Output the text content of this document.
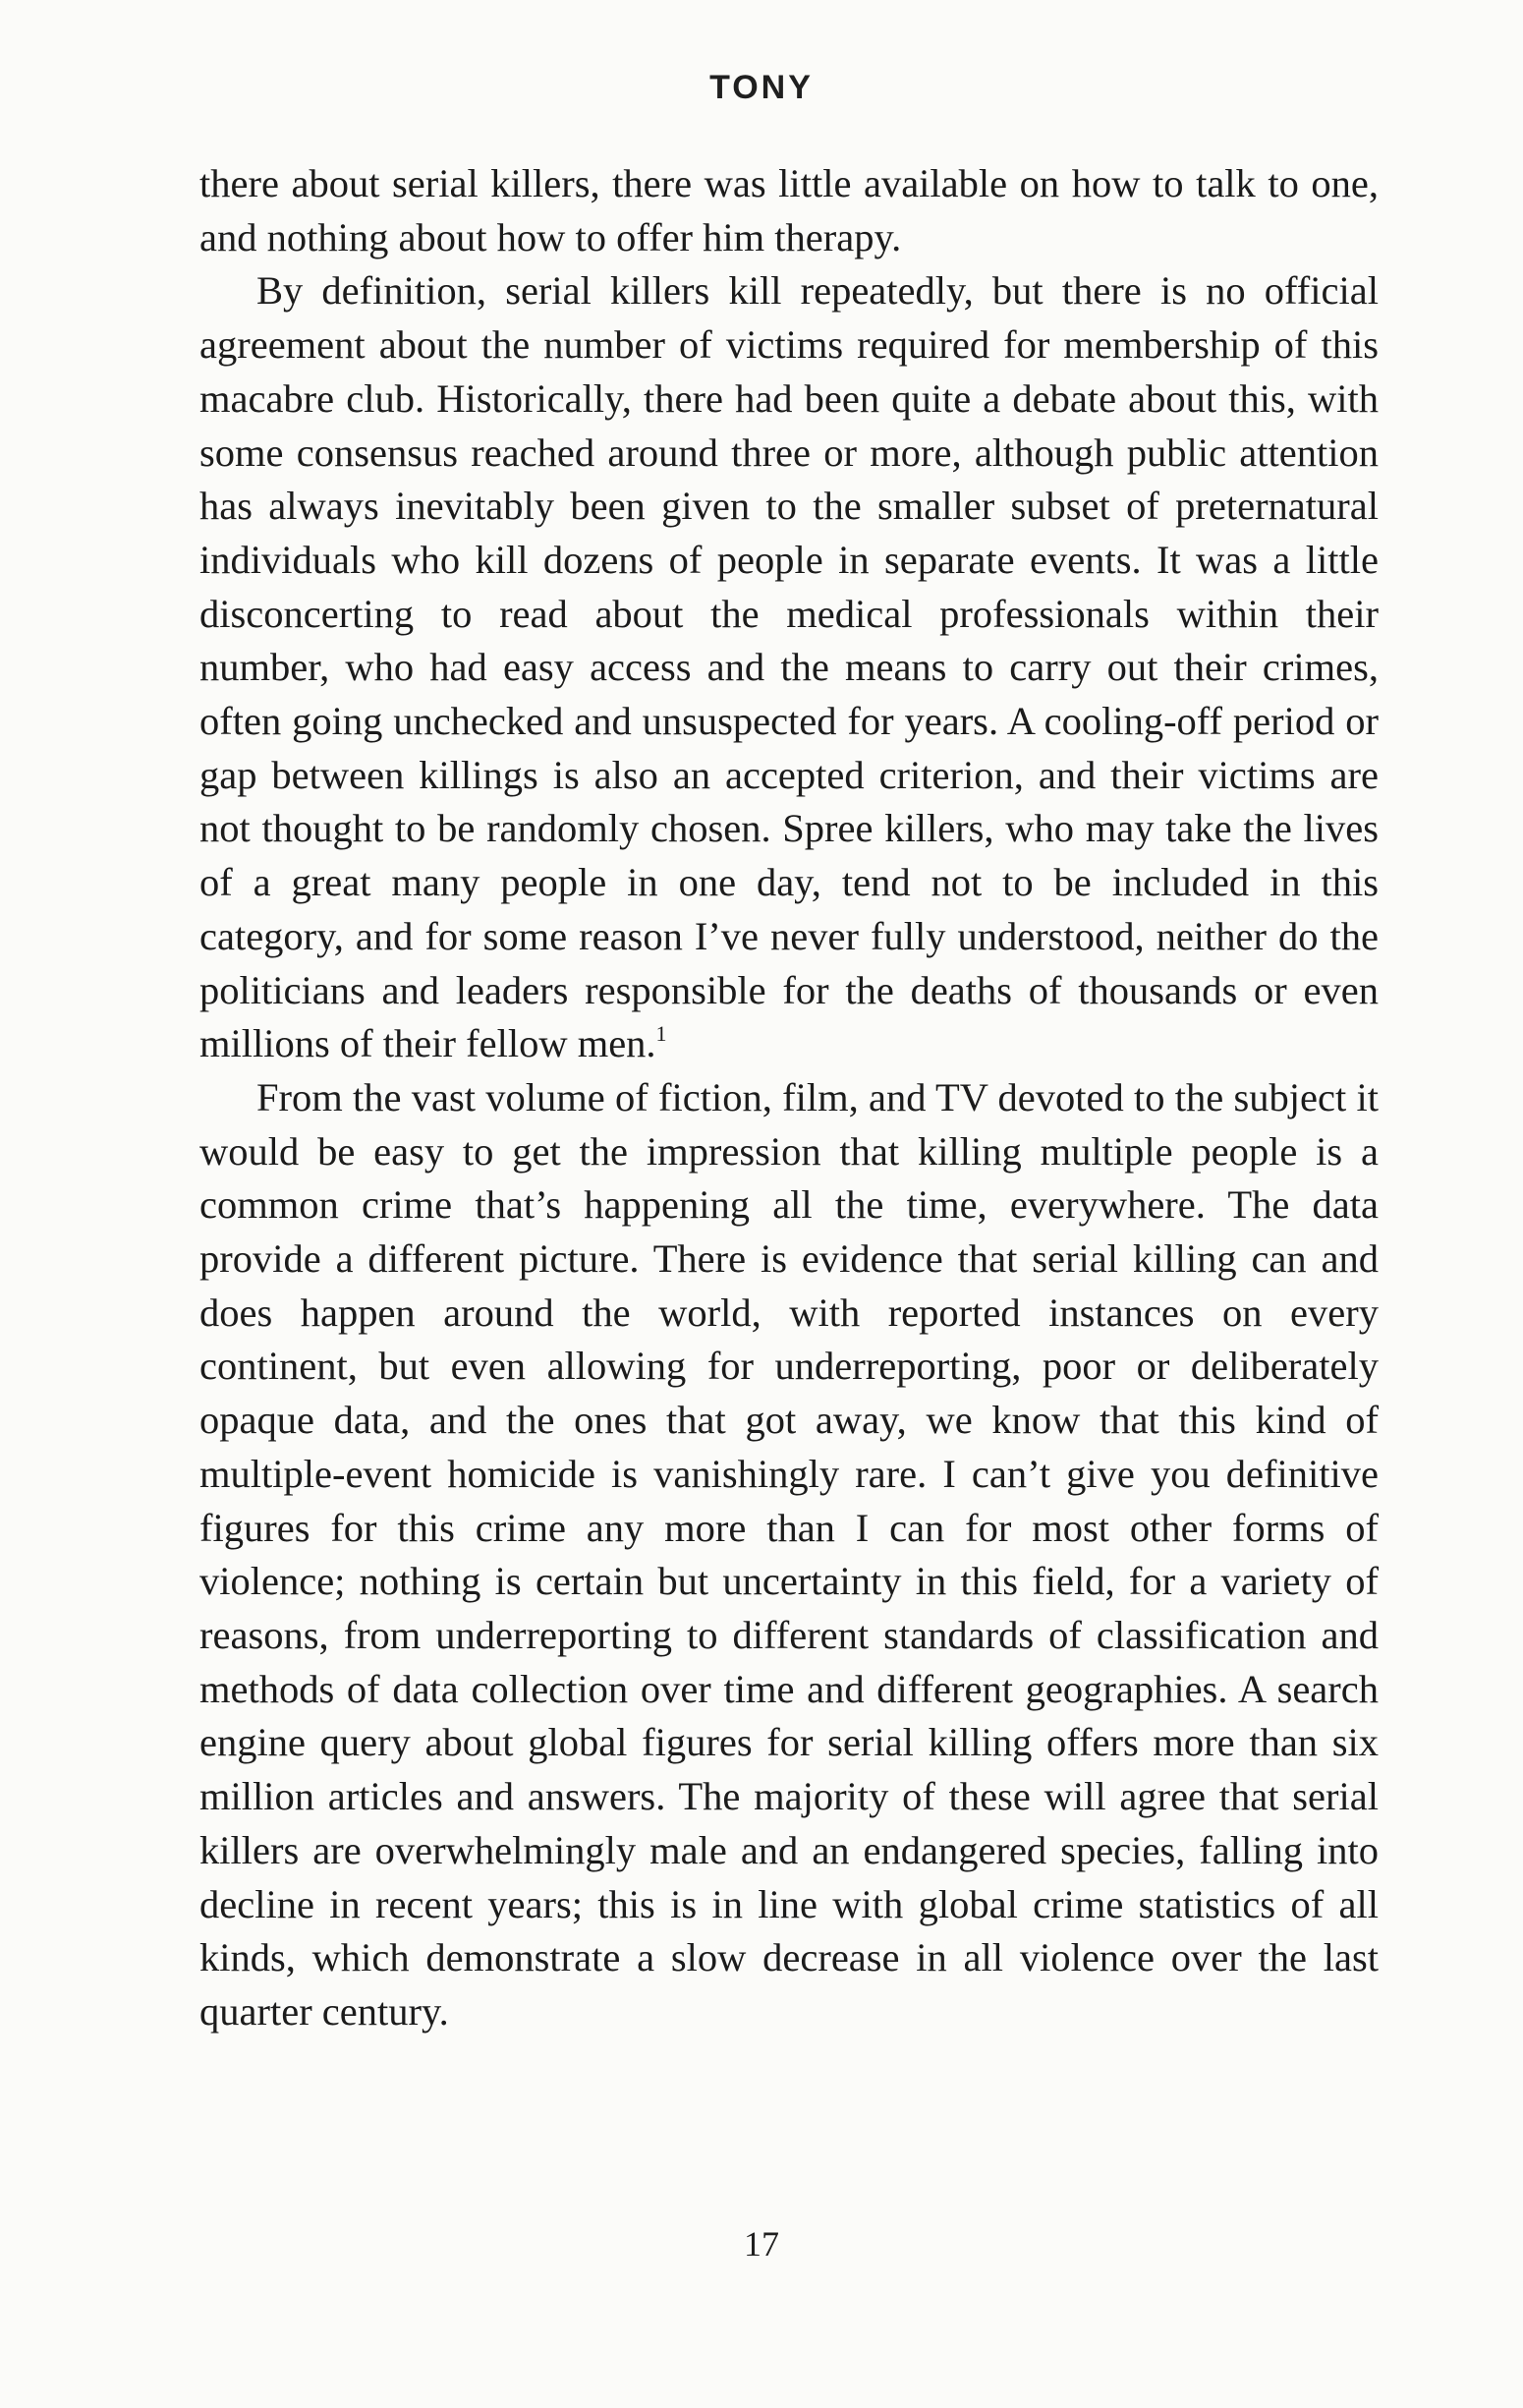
TONY

there about serial killers, there was little available on how to talk to one, and nothing about how to offer him therapy.

By definition, serial killers kill repeatedly, but there is no official agreement about the number of victims required for membership of this macabre club. Historically, there had been quite a debate about this, with some consensus reached around three or more, although public attention has always inevitably been given to the smaller subset of preternatural individuals who kill dozens of people in separate events. It was a little disconcerting to read about the medical professionals within their number, who had easy access and the means to carry out their crimes, often going unchecked and unsuspected for years. A cooling-off period or gap between killings is also an accepted criterion, and their victims are not thought to be randomly chosen. Spree killers, who may take the lives of a great many people in one day, tend not to be included in this category, and for some reason I’ve never fully understood, neither do the politicians and leaders responsible for the deaths of thousands or even millions of their fellow men.$^1$

From the vast volume of fiction, film, and TV devoted to the subject it would be easy to get the impression that killing multiple people is a common crime that’s happening all the time, everywhere. The data provide a different picture. There is evidence that serial killing can and does happen around the world, with reported instances on every continent, but even allowing for underreporting, poor or deliberately opaque data, and the ones that got away, we know that this kind of multiple-event homicide is vanishingly rare. I can’t give you definitive figures for this crime any more than I can for most other forms of violence; nothing is certain but uncertainty in this field, for a variety of reasons, from underreporting to different standards of classification and methods of data collection over time and different geographies. A search engine query about global figures for serial killing offers more than six million articles and answers. The majority of these will agree that serial killers are overwhelmingly male and an endangered species, falling into decline in recent years; this is in line with global crime statistics of all kinds, which demonstrate a slow decrease in all violence over the last quarter century.

17
